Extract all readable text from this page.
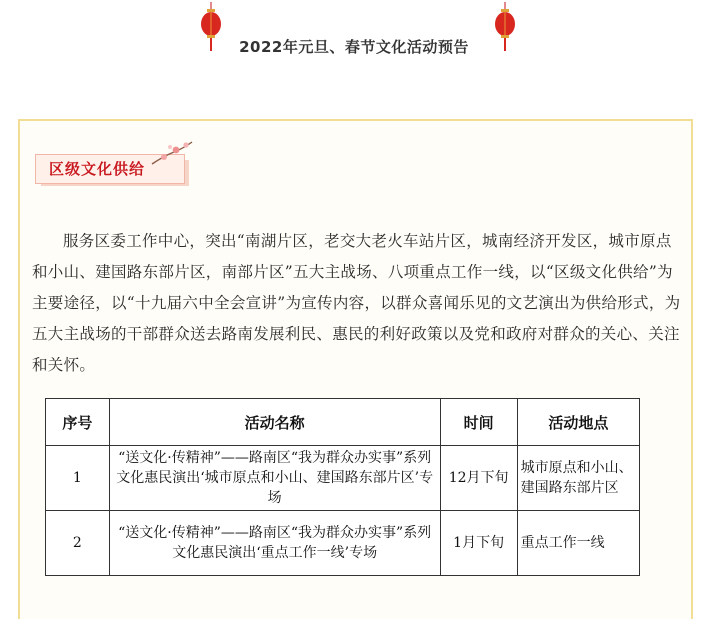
2022年元旦、春节文化活动预告
区级文化供给
服务区委工作中心，突出“南湖片区，老交大老火车站片区，城南经济开发区，城市原点和小山、建国路东部片区，南部片区”五大主战场、八项重点工作一线，以“区级文化供给”为主要途径，以“十九届六中全会宣讲”为宣传内容，以群众喜闻乐见的文艺演出为供给形式，为五大主战场的干部群众送去路南发展利民、惠民的利好政策以及党和政府对群众的关心、关注和关怀。
序号	活动名称	时间	活动地点
1	“送文化·传精神”——路南区“我为群众办实事”系列文化惠民演出‘城市原点和小山、建国路东部片区’专场	12月下旬	城市原点和小山、建国路东部片区
2	“送文化·传精神”——路南区“我为群众办实事”系列文化惠民演出‘重点工作一线’专场	1月下旬	重点工作一线
